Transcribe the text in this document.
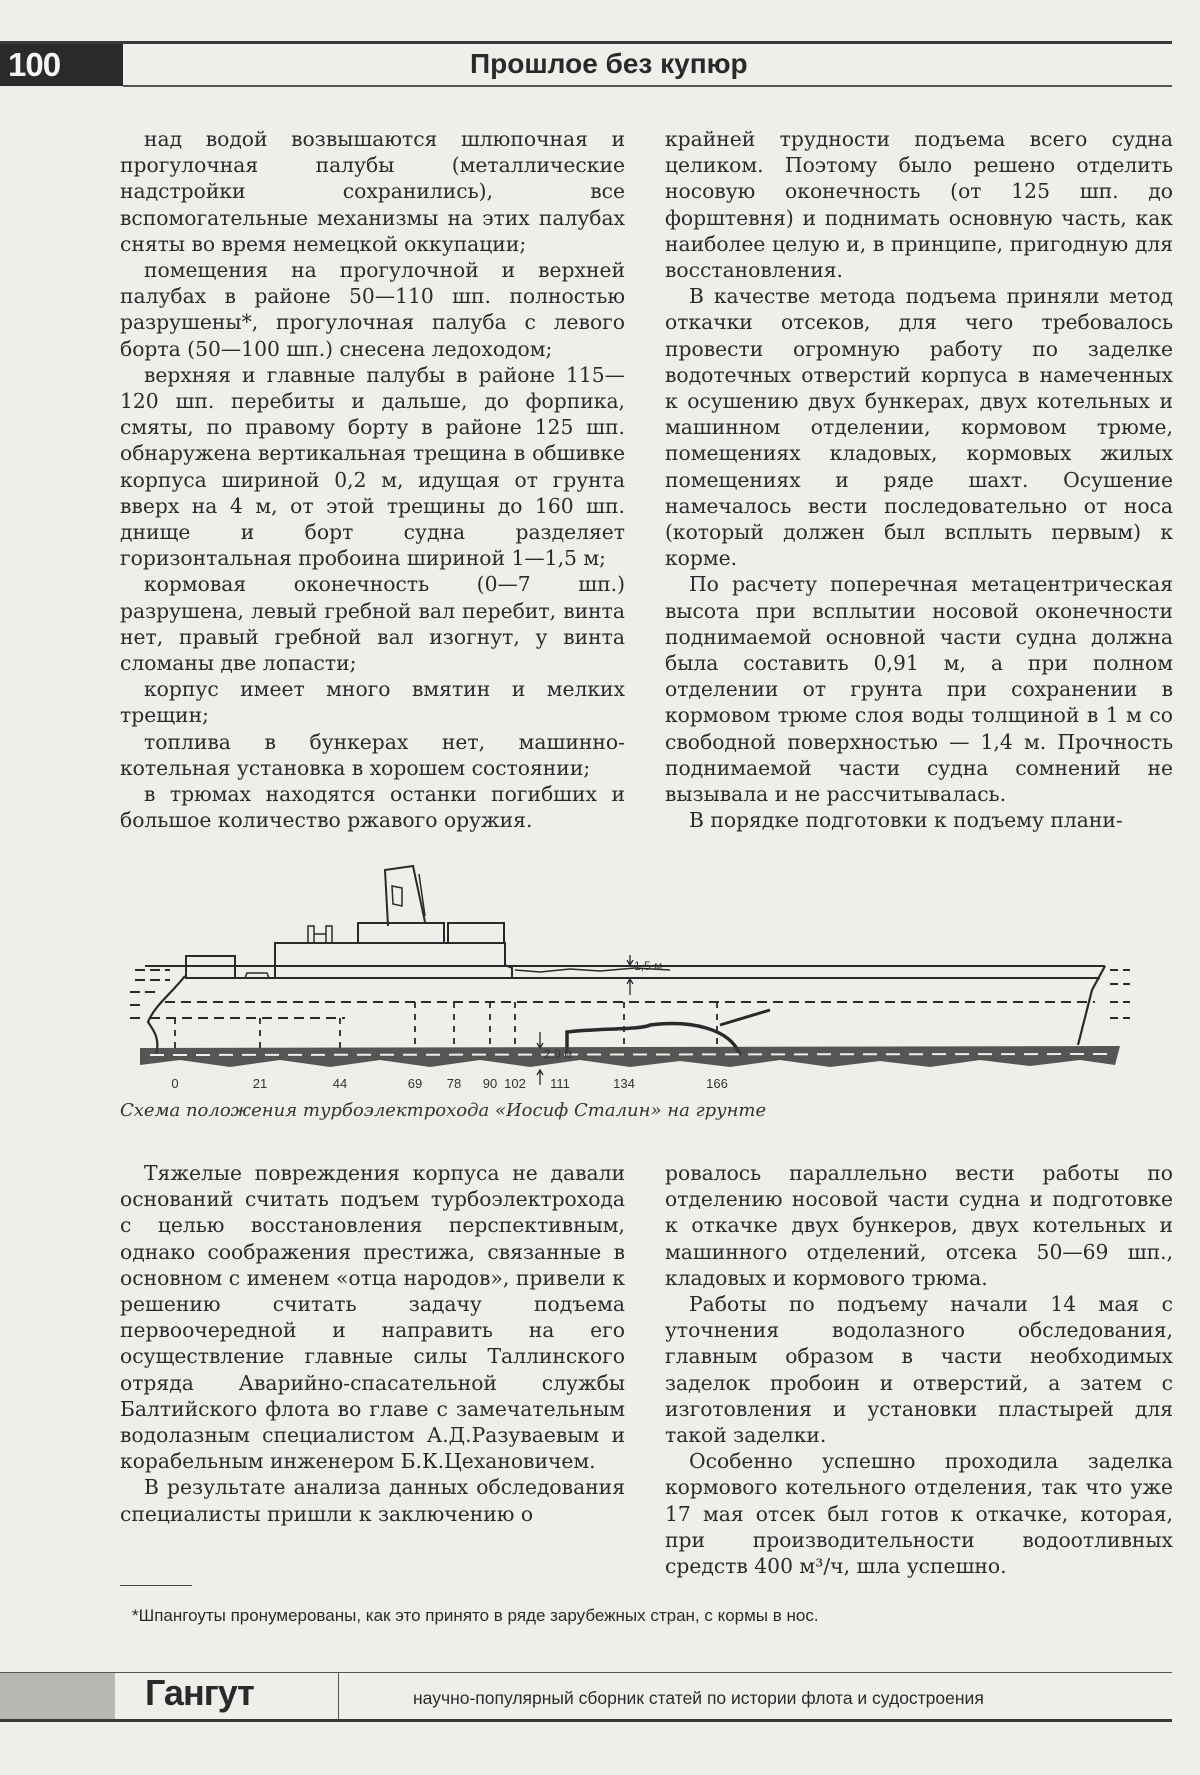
100	Прошлое без купюр

над водой возвышаются шлюпочная и прогулочная палубы (металлические надстройки сохранились), все вспомогательные механизмы на этих палубах сняты во время немецкой оккупации;

помещения на прогулочной и верхней палубах в районе 50—110 шп. полностью разрушены*, прогулочная палуба с левого борта (50—100 шп.) снесена ледоходом;

верхняя и главные палубы в районе 115—120 шп. перебиты и дальше, до форпика, смяты, по правому борту в районе 125 шп. обнаружена вертикальная трещина в обшивке корпуса шириной 0,2 м, идущая от грунта вверх на 4 м, от этой трещины до 160 шп. днище и борт судна разделяет горизонтальная пробоина шириной 1—1,5 м;

кормовая оконечность (0—7 шп.) разрушена, левый гребной вал перебит, винта нет, правый гребной вал изогнут, у винта сломаны две лопасти;

корпус имеет много вмятин и мелких трещин;

топлива в бункерах нет, машинно-котельная установка в хорошем состоянии;

в трюмах находятся останки погибших и большое количество ржавого оружия.

крайней трудности подъема всего судна целиком. Поэтому было решено отделить носовую оконечность (от 125 шп. до форштевня) и поднимать основную часть, как наиболее целую и, в принципе, пригодную для восстановления.

В качестве метода подъема приняли метод откачки отсеков, для чего требовалось провести огромную работу по заделке водотечных отверстий корпуса в намеченных к осушению двух бункерах, двух котельных и машинном отделении, кормовом трюме, помещениях кладовых, кормовых жилых помещениях и ряде шахт. Осушение намечалось вести последовательно от носа (который должен был всплыть первым) к корме.

По расчету поперечная метацентрическая высота при всплытии носовой оконечности поднимаемой основной части судна должна была составить 0,91 м, а при полном отделении от грунта при сохранении в кормовом трюме слоя воды толщиной в 1 м со свободной поверхностью — 1,4 м. Прочность поднимаемой части судна сомнений не вызывала и не рассчитывалась.

В порядке подготовки к подъему плани-

0	21	44	69 78 90 102 111	134	166
1,5 м
2,0 м
Схема положения турбоэлектрохода «Иосиф Сталин» на грунте

Тяжелые повреждения корпуса не давали оснований считать подъем турбоэлектрохода с целью восстановления перспективным, однако соображения престижа, связанные в основном с именем «отца народов», привели к решению считать задачу подъема первоочередной и направить на его осуществление главные силы Таллинского отряда Аварийно-спасательной службы Балтийского флота во главе с замечательным водолазным специалистом А.Д.Разуваевым и корабельным инженером Б.К.Цехановичем.

В результате анализа данных обследования специалисты пришли к заключению о

ровалось параллельно вести работы по отделению носовой части судна и подготовке к откачке двух бункеров, двух котельных и машинного отделений, отсека 50—69 шп., кладовых и кормового трюма.

Работы по подъему начали 14 мая с уточнения водолазного обследования, главным образом в части необходимых заделок пробоин и отверстий, а затем с изготовления и установки пластырей для такой заделки.

Особенно успешно проходила заделка кормового котельного отделения, так что уже 17 мая отсек был готов к откачке, которая, при производительности водоотливных средств 400 м³/ч, шла успешно.

*Шпангоуты пронумерованы, как это принято в ряде зарубежных стран, с кормы в нос.
Гангут	научно-популярный сборник статей по истории флота и судостроения
